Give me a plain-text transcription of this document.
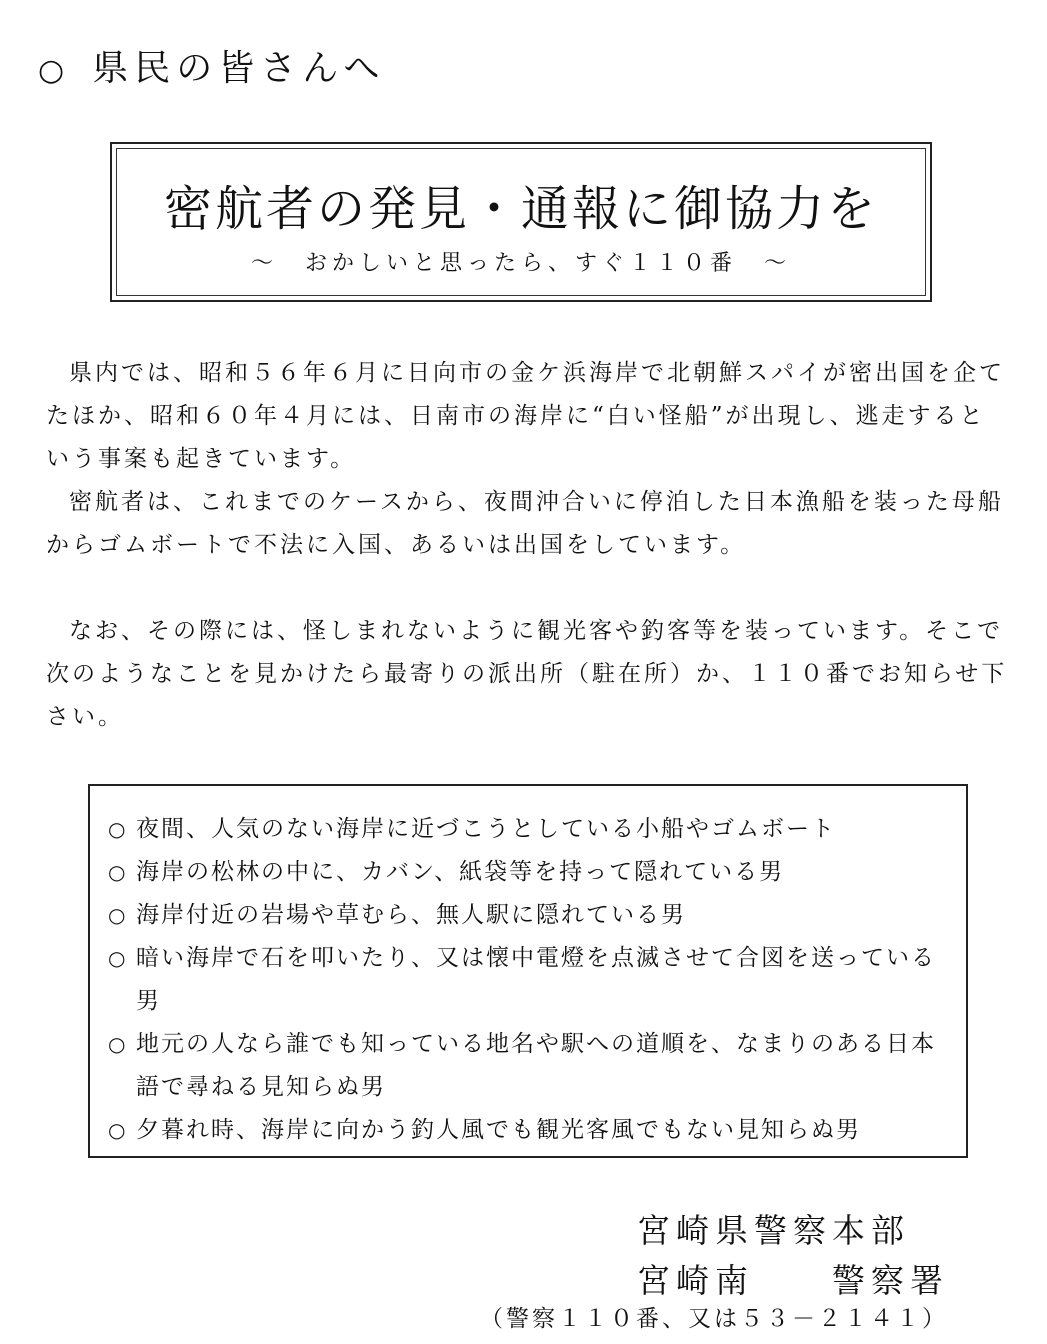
○ 県民の皆さんへ
密航者の発見・通報に御協力を
～　おかしいと思ったら、すぐ１１０番　～

県内では、昭和５６年６月に日向市の金ケ浜海岸で北朝鮮スパイが密出国を企てたほか、昭和６０年４月には、日南市の海岸に“白い怪船”が出現し、逃走するという事案も起きています。

密航者は、これまでのケースから、夜間沖合いに停泊した日本漁船を装った母船からゴムボートで不法に入国、あるいは出国をしています。

なお、その際には、怪しまれないように観光客や釣客等を装っています。そこで次のようなことを見かけたら最寄りの派出所（駐在所）か、１１０番でお知らせ下さい。

○ 夜間、人気のない海岸に近づこうとしている小船やゴムボート
○ 海岸の松林の中に、カバン、紙袋等を持って隠れている男
○ 海岸付近の岩場や草むら、無人駅に隠れている男
○ 暗い海岸で石を叩いたり、又は懐中電燈を点滅させて合図を送っている男
○ 地元の人なら誰でも知っている地名や駅への道順を、なまりのある日本語で尋ねる見知らぬ男
○ 夕暮れ時、海岸に向かう釣人風でも観光客風でもない見知らぬ男
宮崎県警察本部
宮崎南　　警察署
（警察１１０番、又は５３－２１４１）
